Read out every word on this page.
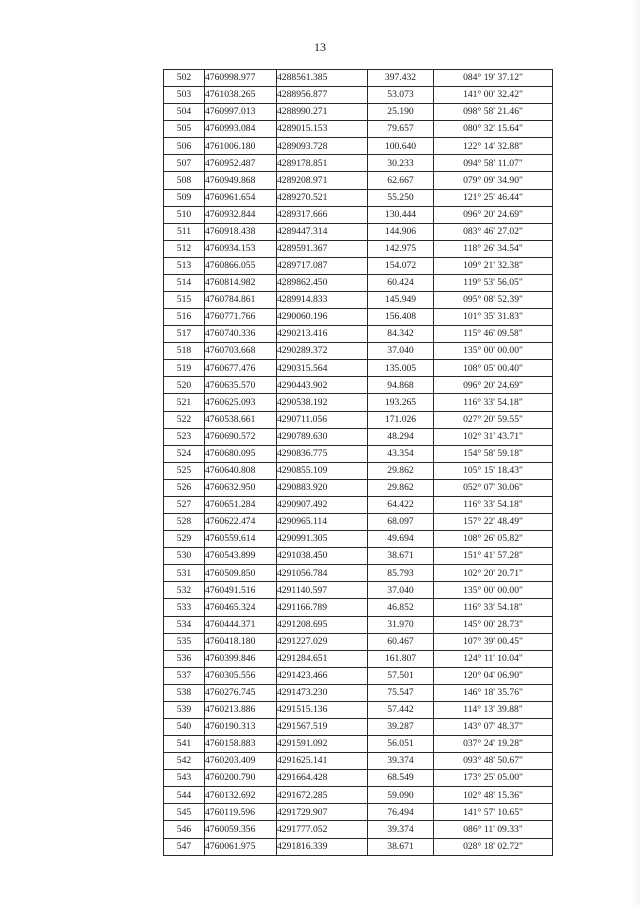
13
502	4760998.977	4288561.385	397.432	084° 19' 37.12"
503	4761038.265	4288956.877	53.073	141° 00' 32.42"
504	4760997.013	4288990.271	25.190	098° 58' 21.46"
505	4760993.084	4289015.153	79.657	080° 32' 15.64"
506	4761006.180	4289093.728	100.640	122° 14' 32.88"
507	4760952.487	4289178.851	30.233	094° 58' 11.07"
508	4760949.868	4289208.971	62.667	079° 09' 34.90"
509	4760961.654	4289270.521	55.250	121° 25' 46.44"
510	4760932.844	4289317.666	130.444	096° 20' 24.69"
511	4760918.438	4289447.314	144.906	083° 46' 27.02"
512	4760934.153	4289591.367	142.975	118° 26' 34.54"
513	4760866.055	4289717.087	154.072	109° 21' 32.38"
514	4760814.982	4289862.450	60.424	119° 53' 56.05"
515	4760784.861	4289914.833	145.949	095° 08' 52.39"
516	4760771.766	4290060.196	156.408	101° 35' 31.83"
517	4760740.336	4290213.416	84.342	115° 46' 09.58"
518	4760703.668	4290289.372	37.040	135° 00' 00.00"
519	4760677.476	4290315.564	135.005	108° 05' 00.40"
520	4760635.570	4290443.902	94.868	096° 20' 24.69"
521	4760625.093	4290538.192	193.265	116° 33' 54.18"
522	4760538.661	4290711.056	171.026	027° 20' 59.55"
523	4760690.572	4290789.630	48.294	102° 31' 43.71"
524	4760680.095	4290836.775	43.354	154° 58' 59.18"
525	4760640.808	4290855.109	29.862	105° 15' 18.43"
526	4760632.950	4290883.920	29.862	052° 07' 30.06"
527	4760651.284	4290907.492	64.422	116° 33' 54.18"
528	4760622.474	4290965.114	68.097	157° 22' 48.49"
529	4760559.614	4290991.305	49.694	108° 26' 05.82"
530	4760543.899	4291038.450	38.671	151° 41' 57.28"
531	4760509.850	4291056.784	85.793	102° 20' 20.71"
532	4760491.516	4291140.597	37.040	135° 00' 00.00"
533	4760465.324	4291166.789	46.852	116° 33' 54.18"
534	4760444.371	4291208.695	31.970	145° 00' 28.73"
535	4760418.180	4291227.029	60.467	107° 39' 00.45"
536	4760399.846	4291284.651	161.807	124° 11' 10.04"
537	4760305.556	4291423.466	57.501	120° 04' 06.90"
538	4760276.745	4291473.230	75.547	146° 18' 35.76"
539	4760213.886	4291515.136	57.442	114° 13' 39.88"
540	4760190.313	4291567.519	39.287	143° 07' 48.37"
541	4760158.883	4291591.092	56.051	037° 24' 19.28"
542	4760203.409	4291625.141	39.374	093° 48' 50.67"
543	4760200.790	4291664.428	68.549	173° 25' 05.00"
544	4760132.692	4291672.285	59.090	102° 48' 15.36"
545	4760119.596	4291729.907	76.494	141° 57' 10.65"
546	4760059.356	4291777.052	39.374	086° 11' 09.33"
547	4760061.975	4291816.339	38.671	028° 18' 02.72"
